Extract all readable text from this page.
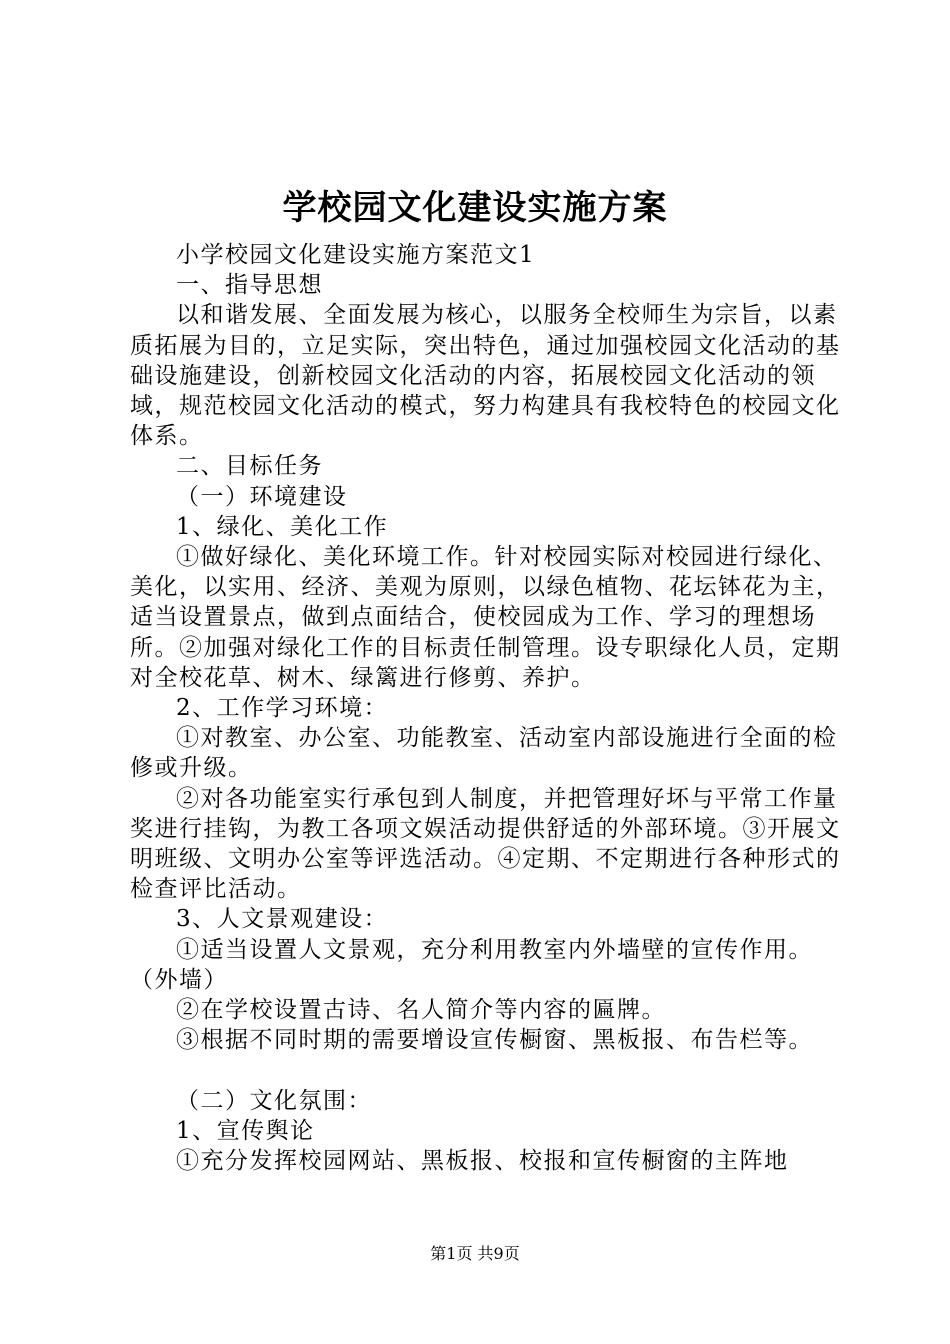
学校园文化建设实施方案

小学校园文化建设实施方案范文1

一、指导思想

以和谐发展、全面发展为核心，以服务全校师生为宗旨，以素质拓展为目的，立足实际，突出特色，通过加强校园文化活动的基础设施建设，创新校园文化活动的内容，拓展校园文化活动的领域，规范校园文化活动的模式，努力构建具有我校特色的校园文化体系。

二、目标任务

（一）环境建设

1、绿化、美化工作

①做好绿化、美化环境工作。针对校园实际对校园进行绿化、美化，以实用、经济、美观为原则，以绿色植物、花坛钵花为主，适当设置景点，做到点面结合，使校园成为工作、学习的理想场所。②加强对绿化工作的目标责任制管理。设专职绿化人员，定期对全校花草、树木、绿篱进行修剪、养护。

2、工作学习环境：

①对教室、办公室、功能教室、活动室内部设施进行全面的检修或升级。

②对各功能室实行承包到人制度，并把管理好坏与平常工作量奖进行挂钩，为教工各项文娱活动提供舒适的外部环境。③开展文明班级、文明办公室等评选活动。④定期、不定期进行各种形式的检查评比活动。

3、人文景观建设：

①适当设置人文景观，充分利用教室内外墙壁的宣传作用。（外墙）

②在学校设置古诗、名人简介等内容的匾牌。

③根据不同时期的需要增设宣传橱窗、黑板报、布告栏等。

（二）文化氛围：

1、宣传舆论

①充分发挥校园网站、黑板报、校报和宣传橱窗的主阵地

第1页 共9页
